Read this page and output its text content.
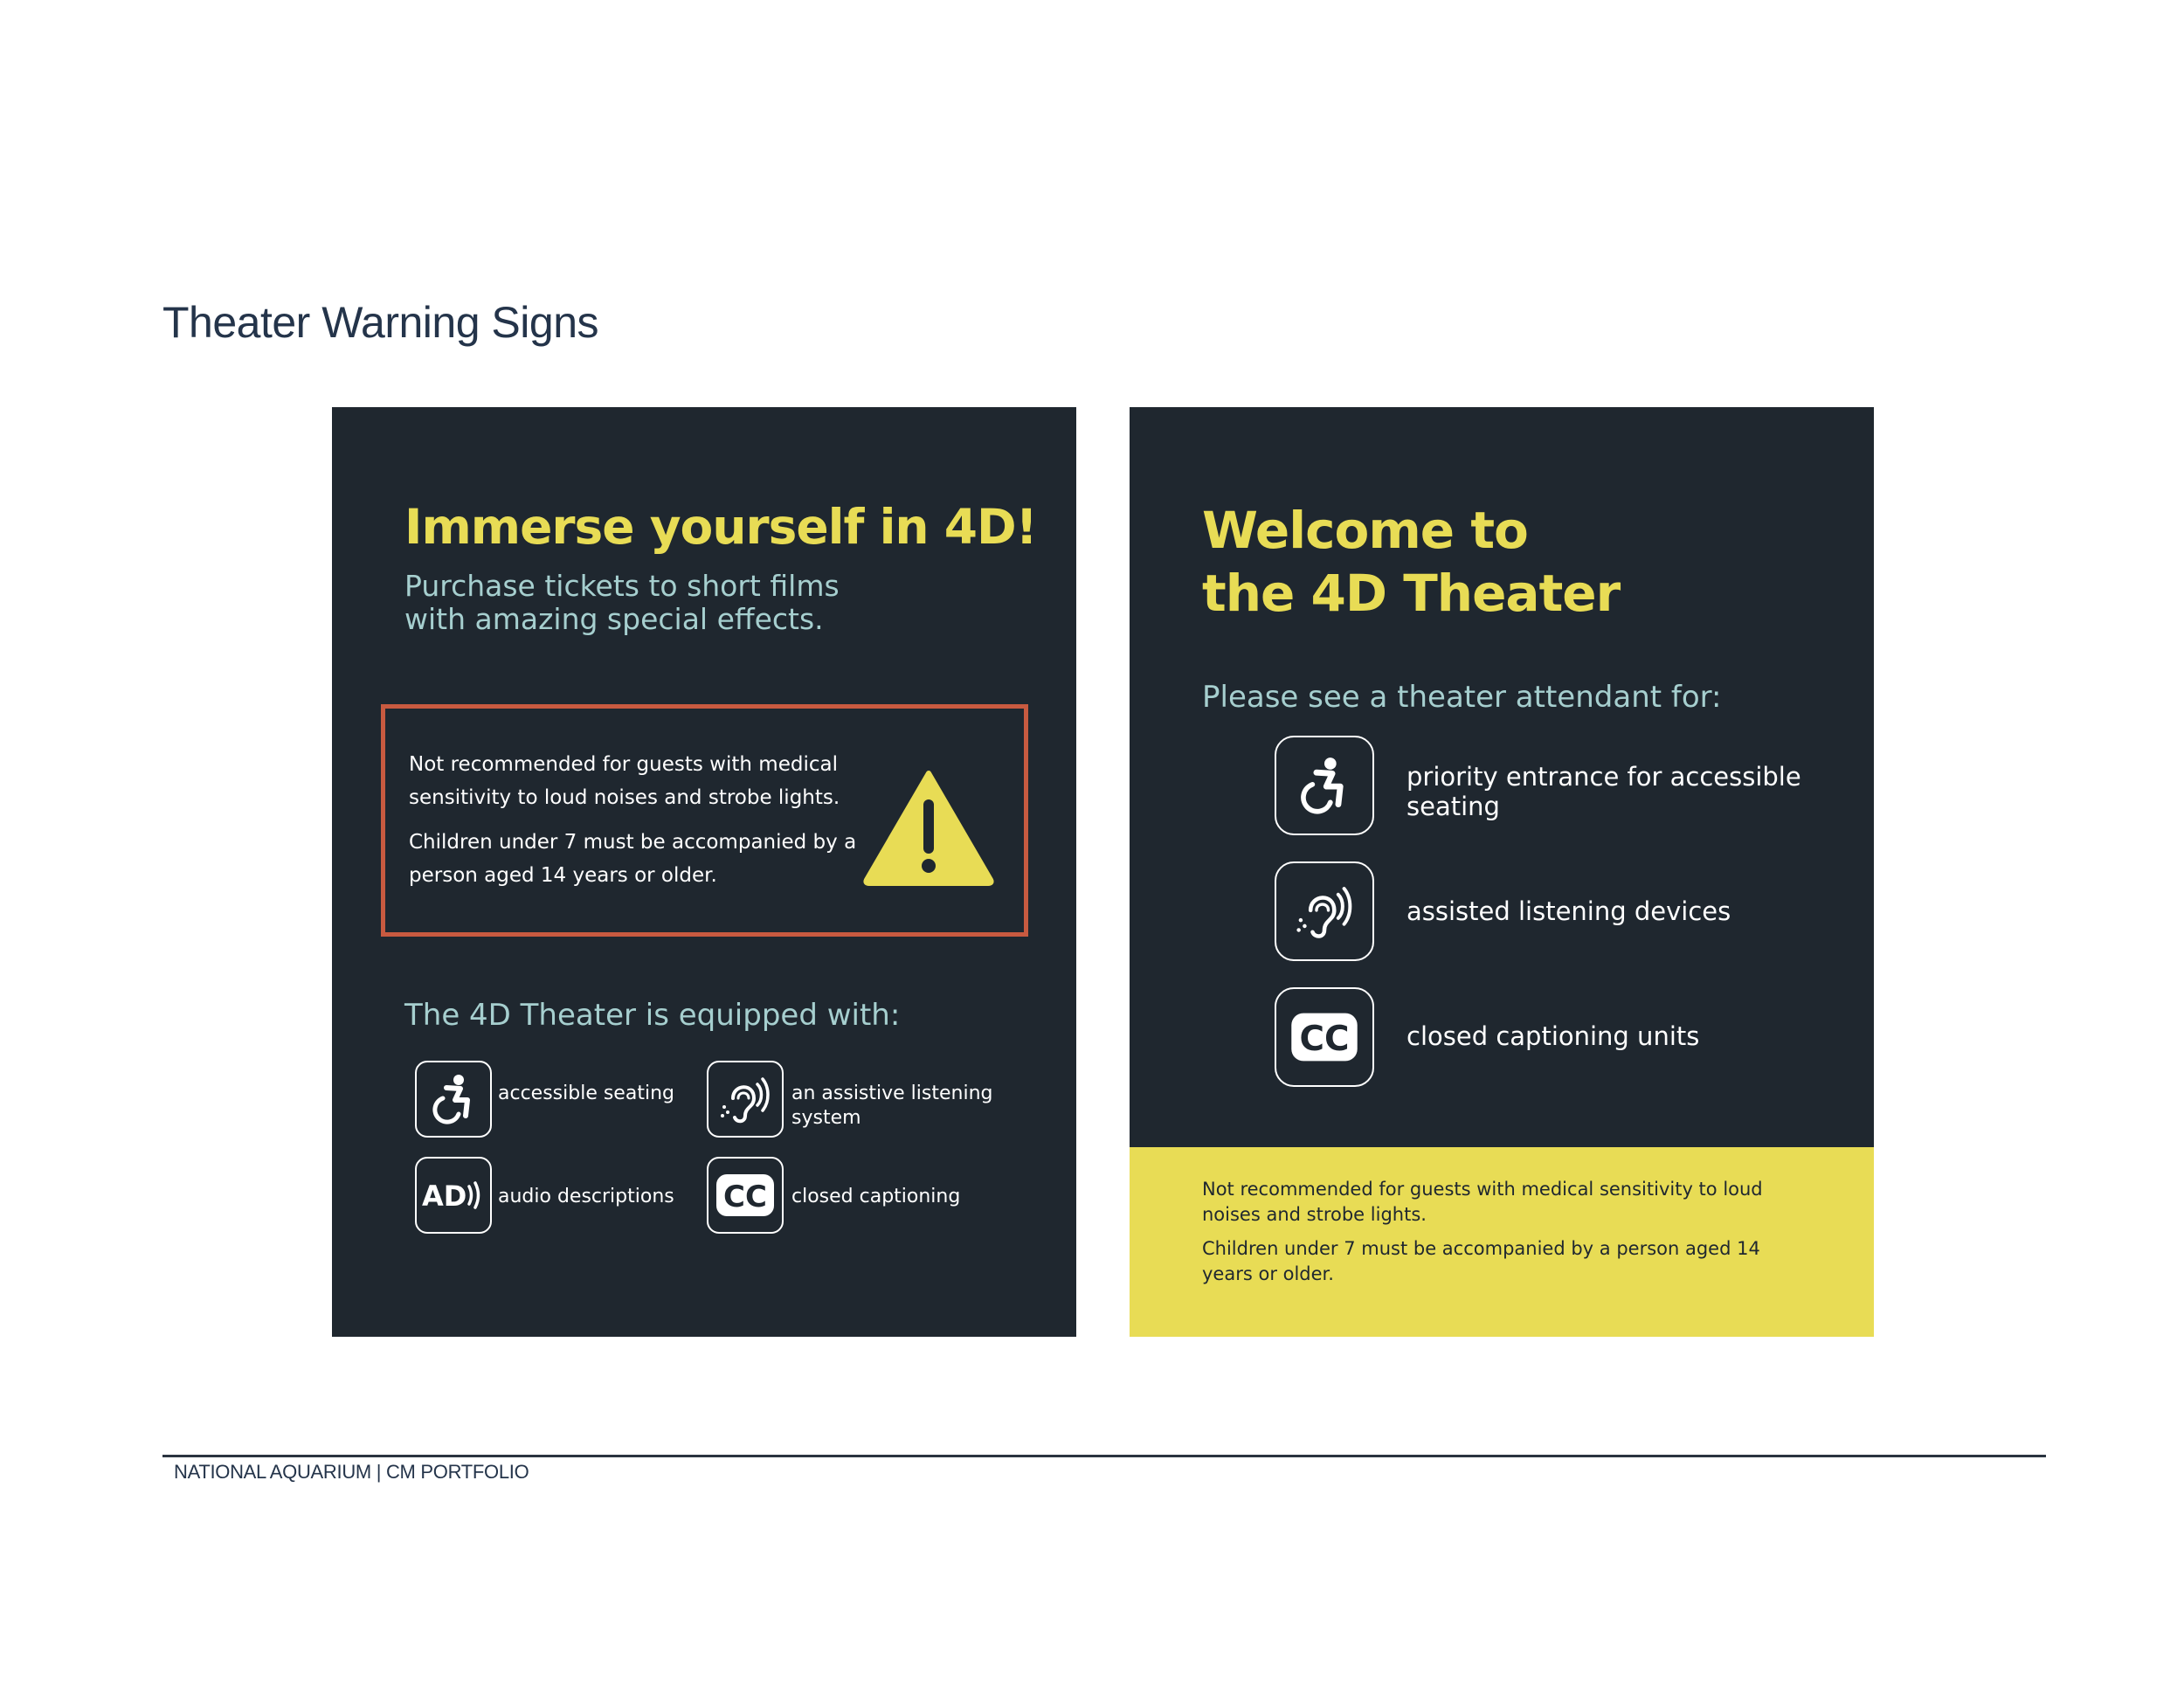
Theater Warning Signs
Immerse yourself in 4D!
Purchase tickets to short films
with amazing special effects.
Not recommended for guests with medical sensitivity to loud noises and strobe lights.
Children under 7 must be accompanied by a person aged 14 years or older.
The 4D Theater is equipped with:
accessible seating	an assistive listening system
AD audio descriptions	CC closed captioning
Welcome to
the 4D Theater
Please see a theater attendant for:
priority entrance for accessible seating
assisted listening devices
CC closed captioning units
Not recommended for guests with medical sensitivity to loud noises and strobe lights.
Children under 7 must be accompanied by a person aged 14 years or older.
NATIONAL AQUARIUM | CM PORTFOLIO
